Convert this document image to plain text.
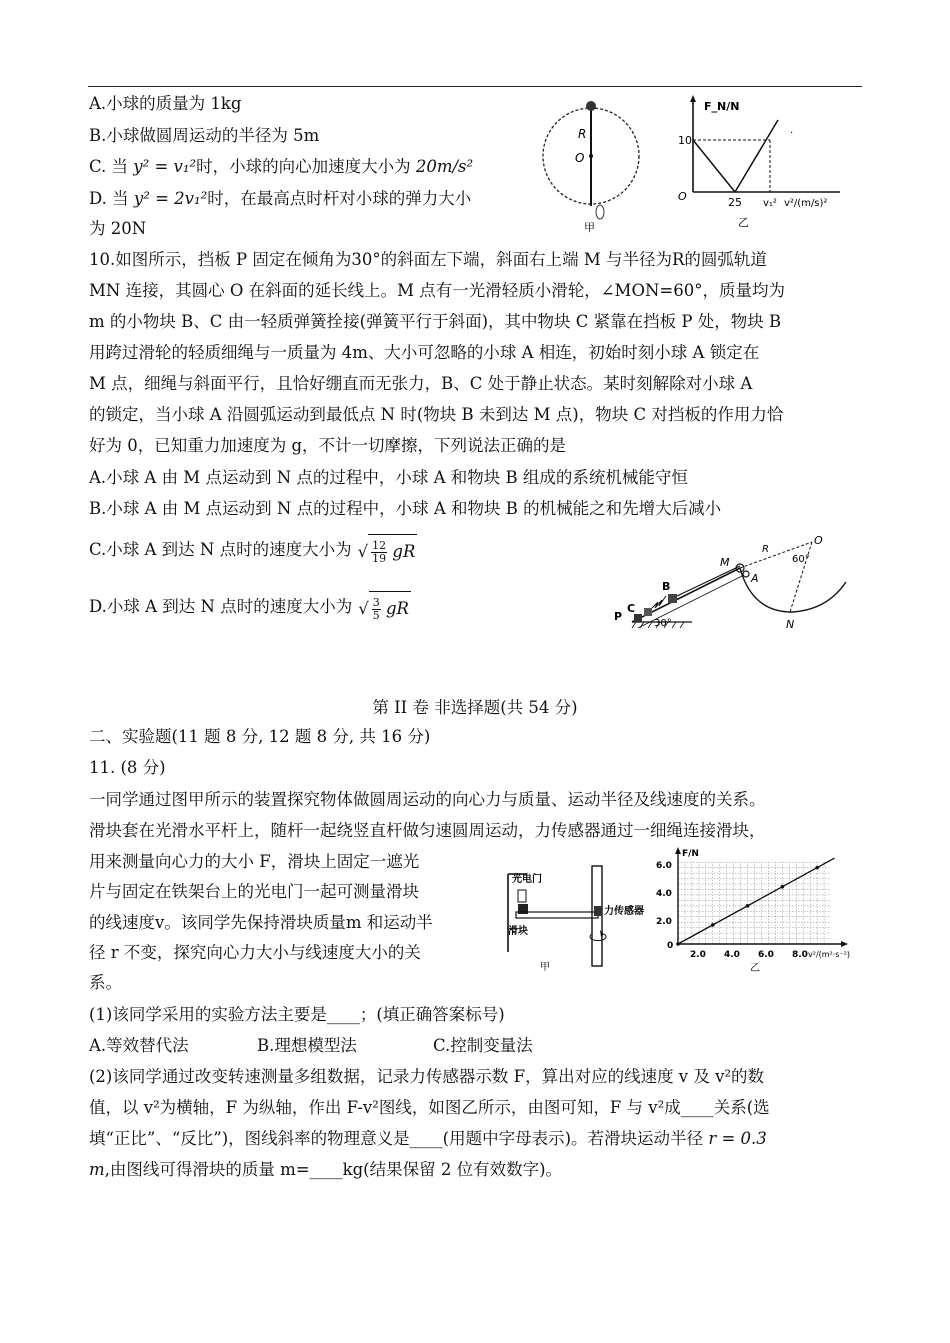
A.小球的质量为 1kg
B.小球做圆周运动的半径为 5m
C. 当 y² = v₁²时，小球的向心加速度大小为 20m/s²
D. 当 y² = 2v₁²时，在最高点时杆对小球的弹力大小
为 20N
R
O
甲
F_N/N
10
·
O	25 v₁² v²/(m/s)²
乙
10.如图所示，挡板 P 固定在倾角为30°的斜面左下端，斜面右上端 M 与半径为R的圆弧轨道
MN 连接，其圆心 O 在斜面的延长线上。M 点有一光滑轻质小滑轮，∠MON=60°，质量均为
m 的小物块 B、C 由一轻质弹簧拴接(弹簧平行于斜面)，其中物块 C 紧靠在挡板 P 处，物块 B
用跨过滑轮的轻质细绳与一质量为 4m、大小可忽略的小球 A 相连，初始时刻小球 A 锁定在
M 点，细绳与斜面平行，且恰好绷直而无张力，B、C 处于静止状态。某时刻解除对小球 A
的锁定，当小球 A 沿圆弧运动到最低点 N 时(物块 B 未到达 M 点)，物块 C 对挡板的作用力恰
好为 0，已知重力加速度为 g，不计一切摩擦，下列说法正确的是
A.小球 A 由 M 点运动到 N 点的过程中，小球 A 和物块 B 组成的系统机械能守恒
B.小球 A 由 M 点运动到 N 点的过程中，小球 A 和物块 B 的机械能之和先增大后减小
C.小球 A 到达 N 点时的速度大小为 √ $\frac{12}{19}$ gR
D.小球 A 到达 N 点时的速度大小为 √ $\frac{3}{5}$ gR	P
C
B
M
A
R
60°
O
N
30°
第 II 卷 非选择题(共 54 分)
二、实验题(11 题 8 分, 12 题 8 分, 共 16 分)
11. (8 分)
一同学通过图甲所示的装置探究物体做圆周运动的向心力与质量、运动半径及线速度的关系。
滑块套在光滑水平杆上，随杆一起绕竖直杆做匀速圆周运动，力传感器通过一细绳连接滑块，
用来测量向心力的大小 F，滑块上固定一遮光
片与固定在铁架台上的光电门一起可测量滑块
的线速度v。该同学先保持滑块质量m 和运动半
径 r 不变，探究向心力大小与线速度大小的关
系。
光电门
力传感器
滑块
甲
F/N
6.0
4.0
2.0
0
2.0 4.0 6.0 8.0 v²/(m²·s⁻²)
乙
(1)该同学采用的实验方法主要是____；(填正确答案标号)
A.等效替代法	B.理想模型法	C.控制变量法
(2)该同学通过改变转速测量多组数据，记录力传感器示数 F，算出对应的线速度 v 及 v²的数
值，以 v²为横轴，F 为纵轴，作出 F-v²图线，如图乙所示，由图可知，F 与 v²成____关系(选
填“正比”、“反比”)，图线斜率的物理意义是____(用题中字母表示)。若滑块运动半径 r = 0.3
m,由图线可得滑块的质量 m=____kg(结果保留 2 位有效数字)。
